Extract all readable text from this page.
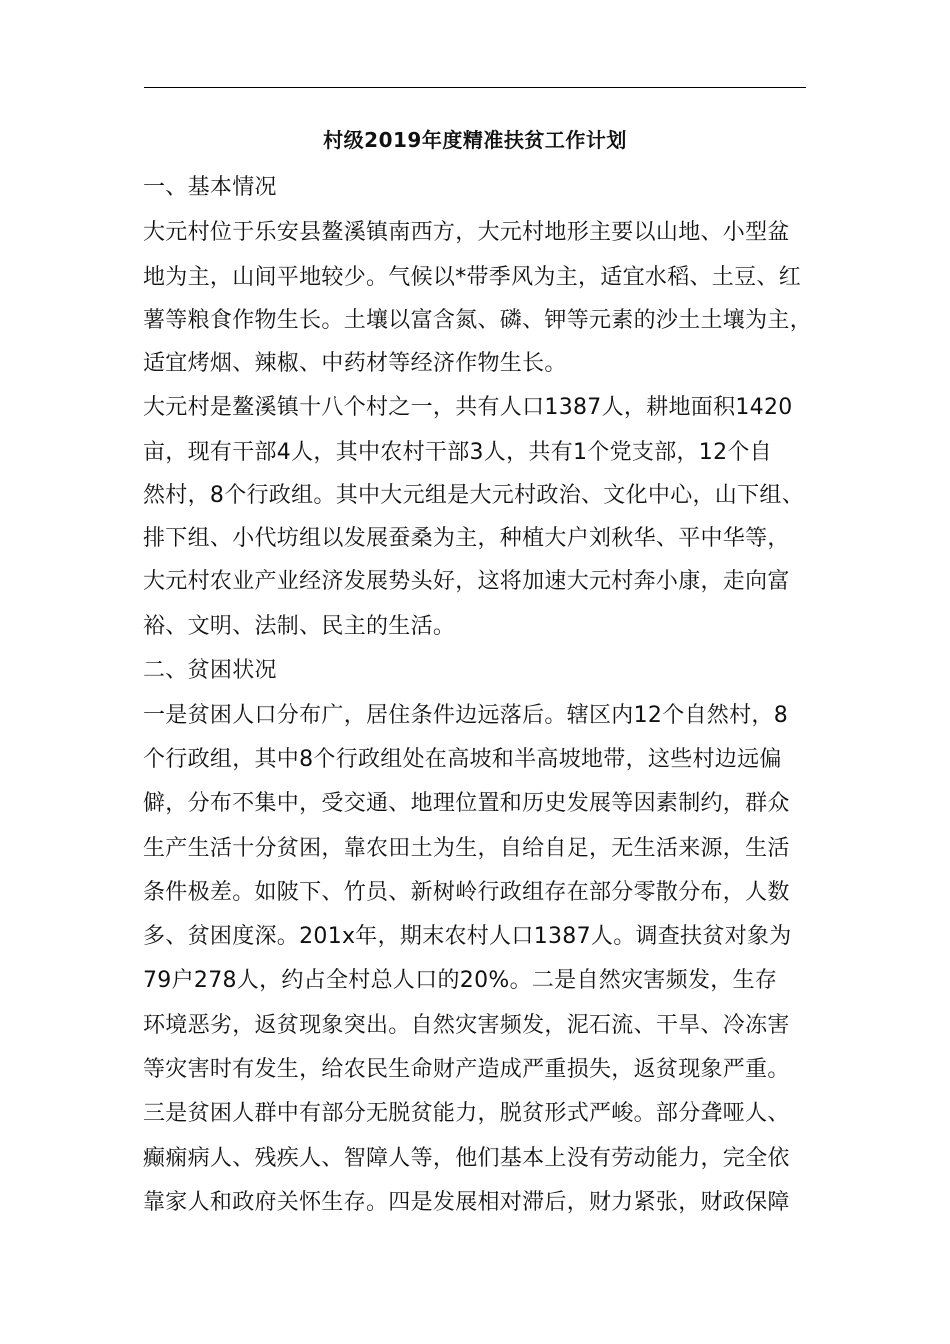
村级2019年度精准扶贫工作计划
一、基本情况
大元村位于乐安县鳌溪镇南西方，大元村地形主要以山地、小型盆
地为主，山间平地较少。气候以*带季风为主，适宜水稻、土豆、红
薯等粮食作物生长。土壤以富含氮、磷、钾等元素的沙土土壤为主，
适宜烤烟、辣椒、中药材等经济作物生长。
大元村是鳌溪镇十八个村之一，共有人口1387人，耕地面积1420
亩，现有干部4人，其中农村干部3人，共有1个党支部，12个自
然村，8个行政组。其中大元组是大元村政治、文化中心，山下组、
排下组、小代坊组以发展蚕桑为主，种植大户刘秋华、平中华等，
大元村农业产业经济发展势头好，这将加速大元村奔小康，走向富
裕、文明、法制、民主的生活。
二、贫困状况
一是贫困人口分布广，居住条件边远落后。辖区内12个自然村，8
个行政组，其中8个行政组处在高坡和半高坡地带，这些村边远偏
僻，分布不集中，受交通、地理位置和历史发展等因素制约，群众
生产生活十分贫困，靠农田土为生，自给自足，无生活来源，生活
条件极差。如陂下、竹员、新树岭行政组存在部分零散分布，人数
多、贫困度深。201x年，期末农村人口1387人。调查扶贫对象为
79户278人，约占全村总人口的20%。二是自然灾害频发，生存
环境恶劣，返贫现象突出。自然灾害频发，泥石流、干旱、冷冻害
等灾害时有发生，给农民生命财产造成严重损失，返贫现象严重。
三是贫困人群中有部分无脱贫能力，脱贫形式严峻。部分聋哑人、
癫痫病人、残疾人、智障人等，他们基本上没有劳动能力，完全依
靠家人和政府关怀生存。四是发展相对滞后，财力紧张，财政保障
